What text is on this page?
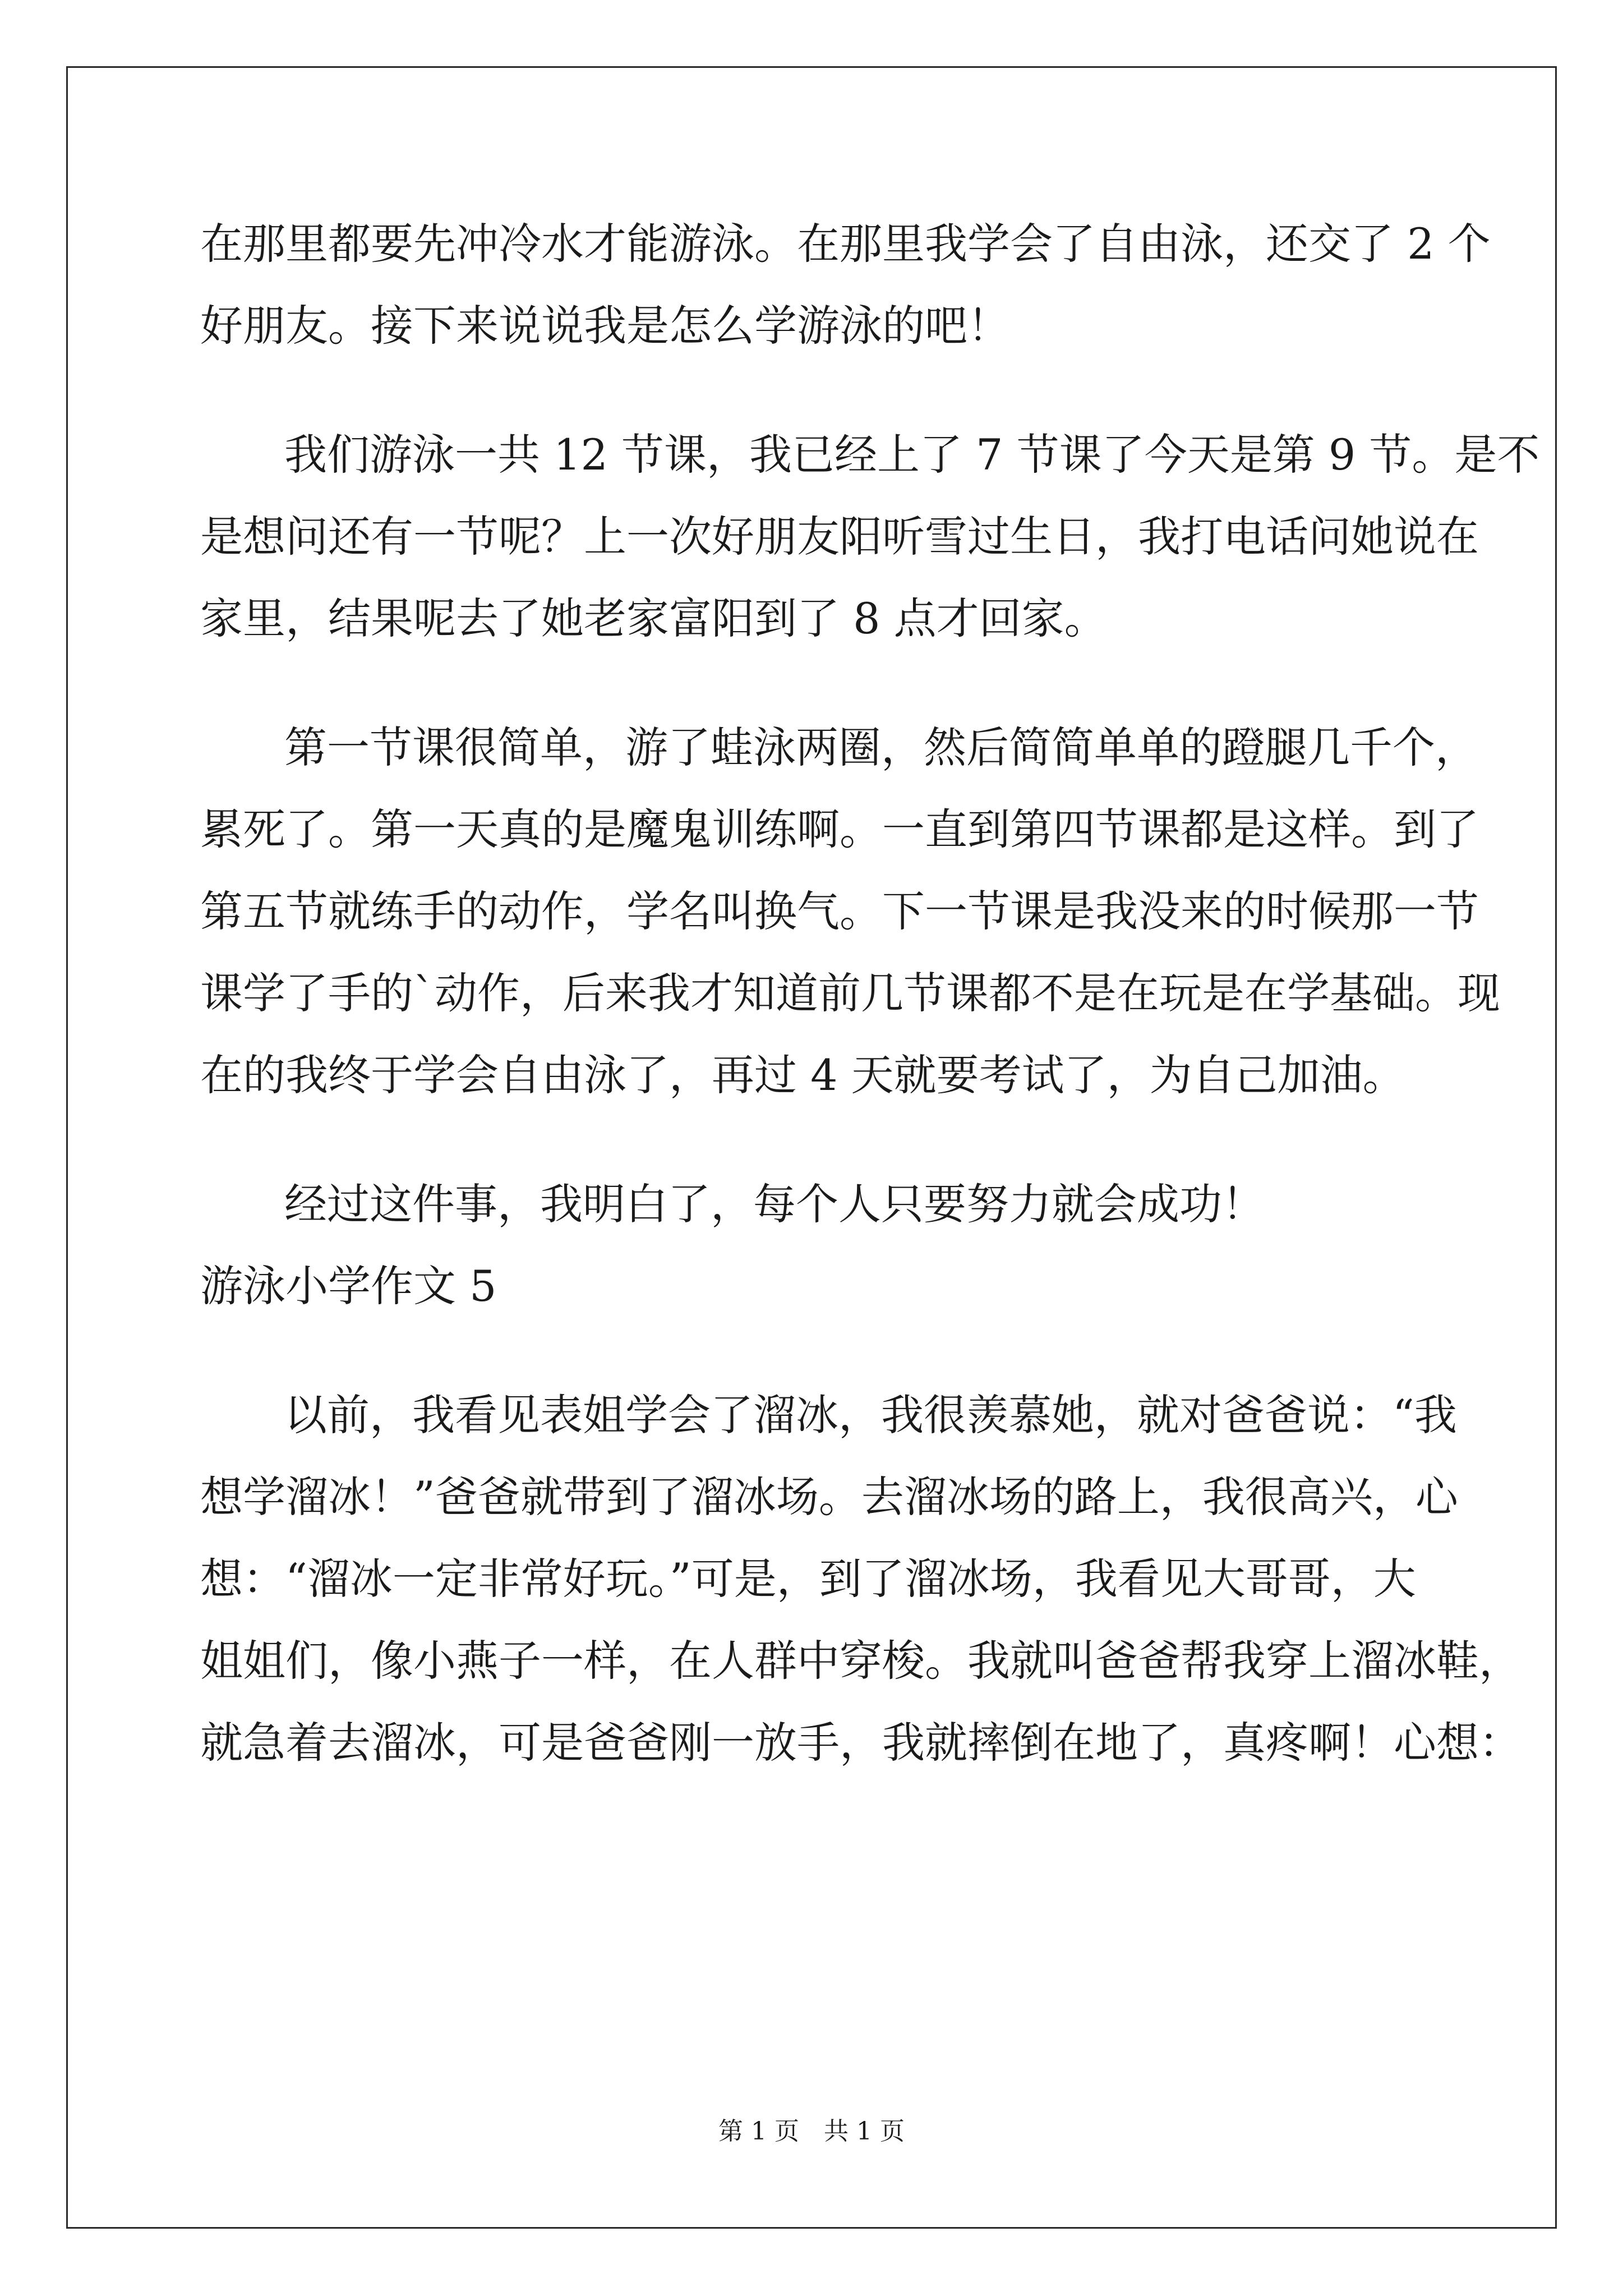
在那里都要先冲冷水才能游泳。在那里我学会了自由泳，还交了 2 个
好朋友。接下来说说我是怎么学游泳的吧！
我们游泳一共 12 节课，我已经上了 7 节课了今天是第 9 节。是不
是想问还有一节呢？上一次好朋友阳听雪过生日，我打电话问她说在
家里，结果呢去了她老家富阳到了 8 点才回家。
第一节课很简单，游了蛙泳两圈，然后简简单单的蹬腿几千个，
累死了。第一天真的是魔鬼训练啊。一直到第四节课都是这样。到了
第五节就练手的动作，学名叫换气。下一节课是我没来的时候那一节
课学了手的`动作，后来我才知道前几节课都不是在玩是在学基础。现
在的我终于学会自由泳了，再过 4 天就要考试了，为自己加油。
经过这件事，我明白了，每个人只要努力就会成功！
游泳小学作文 5
以前，我看见表姐学会了溜冰，我很羡慕她，就对爸爸说：“我
想学溜冰！”爸爸就带到了溜冰场。去溜冰场的路上，我很高兴，心
想：“溜冰一定非常好玩。”可是，到了溜冰场，我看见大哥哥，大
姐姐们，像小燕子一样，在人群中穿梭。我就叫爸爸帮我穿上溜冰鞋，
就急着去溜冰，可是爸爸刚一放手，我就摔倒在地了，真疼啊！心想：
第 1 页　共 1 页
